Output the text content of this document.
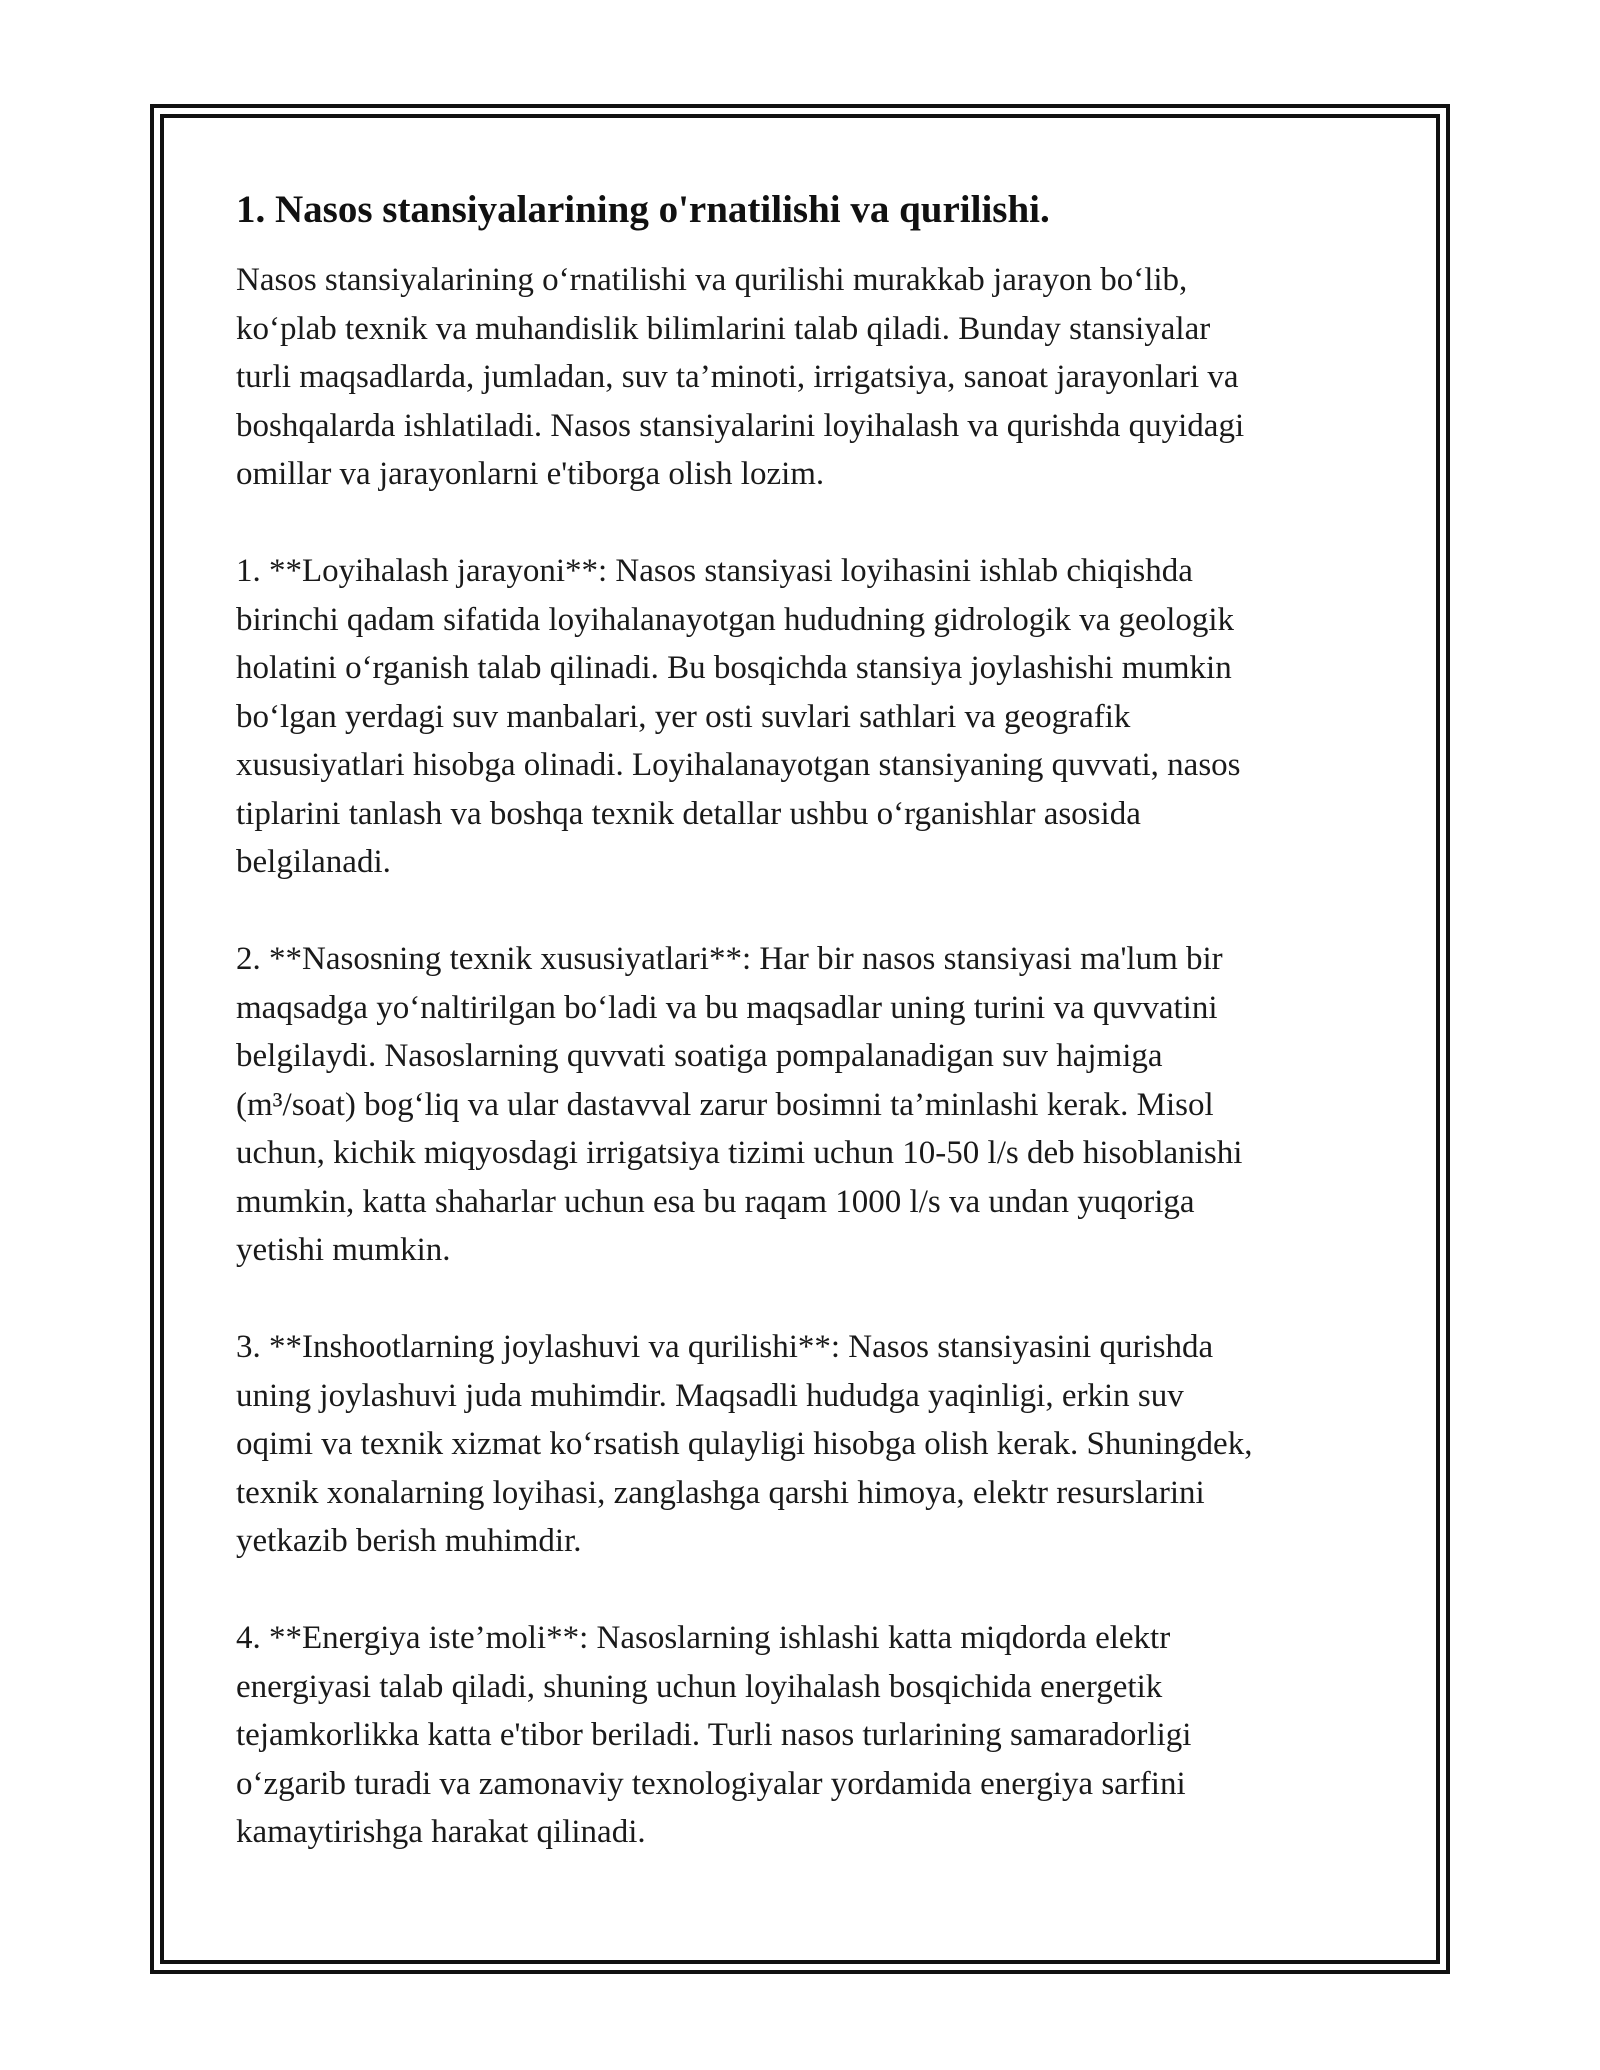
1. Nasos stansiyalarining o'rnatilishi va qurilishi.

Nasos stansiyalarining o‘rnatilishi va qurilishi murakkab jarayon bo‘lib,
ko‘plab texnik va muhandislik bilimlarini talab qiladi. Bunday stansiyalar
turli maqsadlarda, jumladan, suv ta’minoti, irrigatsiya, sanoat jarayonlari va
boshqalarda ishlatiladi. Nasos stansiyalarini loyihalash va qurishda quyidagi
omillar va jarayonlarni e'tiborga olish lozim.

1. **Loyihalash jarayoni**: Nasos stansiyasi loyihasini ishlab chiqishda
birinchi qadam sifatida loyihalanayotgan hududning gidrologik va geologik
holatini o‘rganish talab qilinadi. Bu bosqichda stansiya joylashishi mumkin
bo‘lgan yerdagi suv manbalari, yer osti suvlari sathlari va geografik
xususiyatlari hisobga olinadi. Loyihalanayotgan stansiyaning quvvati, nasos
tiplarini tanlash va boshqa texnik detallar ushbu o‘rganishlar asosida
belgilanadi.

2. **Nasosning texnik xususiyatlari**: Har bir nasos stansiyasi ma'lum bir
maqsadga yo‘naltirilgan bo‘ladi va bu maqsadlar uning turini va quvvatini
belgilaydi. Nasoslarning quvvati soatiga pompalanadigan suv hajmiga
(m³/soat) bog‘liq va ular dastavval zarur bosimni ta’minlashi kerak. Misol
uchun, kichik miqyosdagi irrigatsiya tizimi uchun 10-50 l/s deb hisoblanishi
mumkin, katta shaharlar uchun esa bu raqam 1000 l/s va undan yuqoriga
yetishi mumkin.

3. **Inshootlarning joylashuvi va qurilishi**: Nasos stansiyasini qurishda
uning joylashuvi juda muhimdir. Maqsadli hududga yaqinligi, erkin suv
oqimi va texnik xizmat ko‘rsatish qulayligi hisobga olish kerak. Shuningdek,
texnik xonalarning loyihasi, zanglashga qarshi himoya, elektr resurslarini
yetkazib berish muhimdir.

4. **Energiya iste’moli**: Nasoslarning ishlashi katta miqdorda elektr
energiyasi talab qiladi, shuning uchun loyihalash bosqichida energetik
tejamkorlikka katta e'tibor beriladi. Turli nasos turlarining samaradorligi
o‘zgarib turadi va zamonaviy texnologiyalar yordamida energiya sarfini
kamaytirishga harakat qilinadi.
